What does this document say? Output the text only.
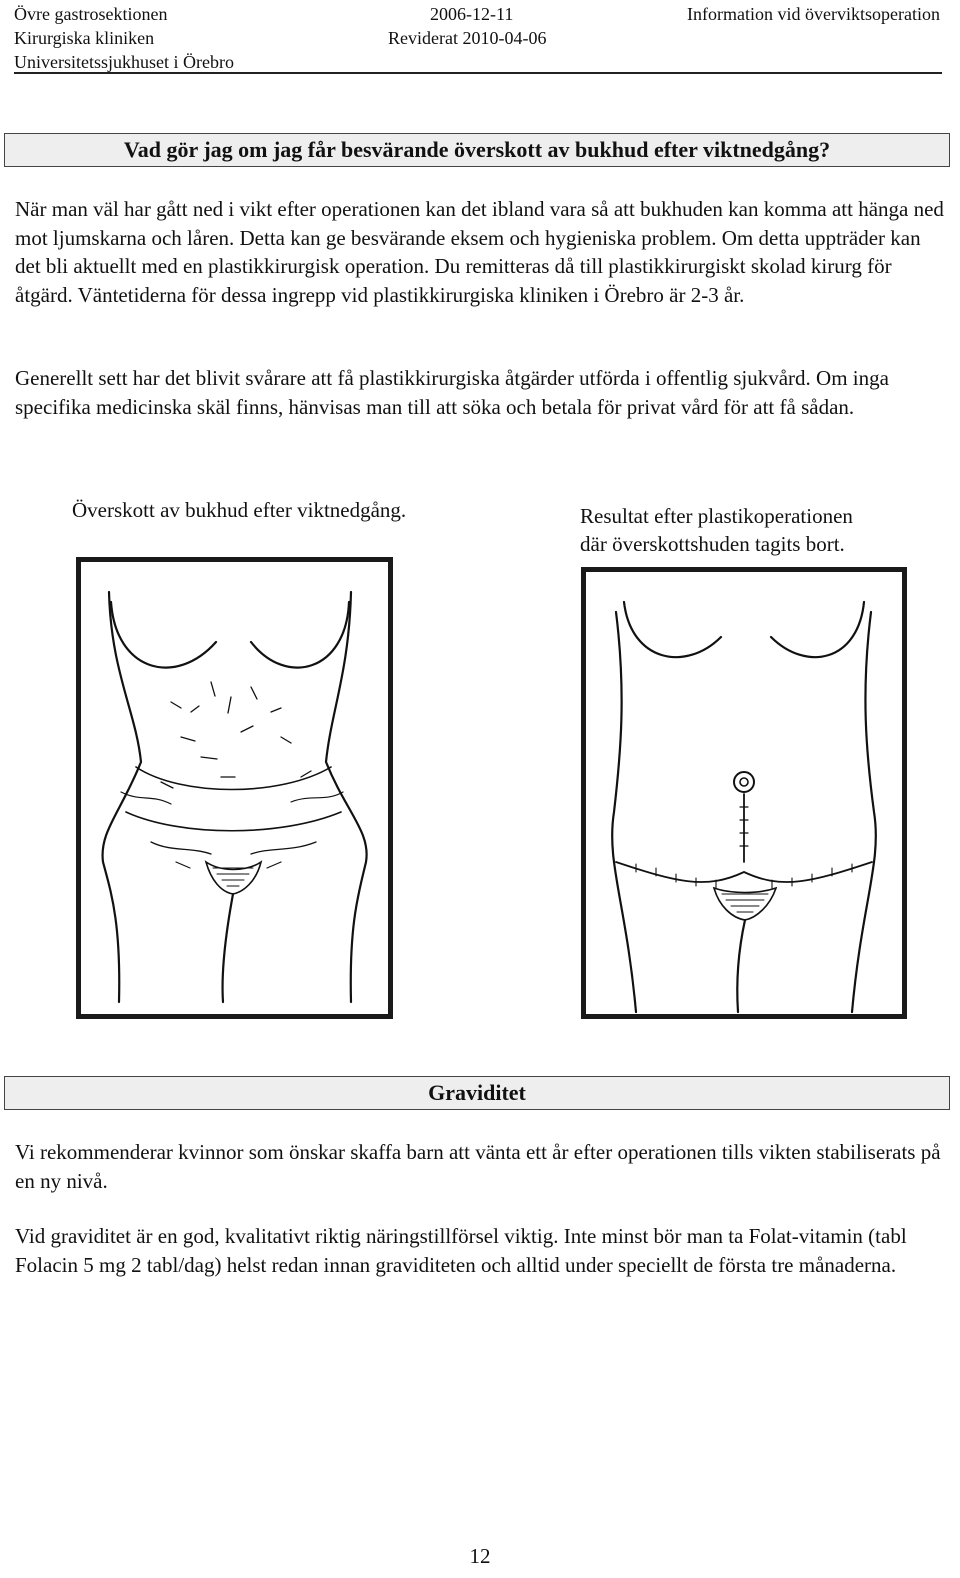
Övre gastrosektionen
Kirurgiska kliniken
Universitetssjukhuset i Örebro
2006-12-11
Reviderat 2010-04-06
Information vid överviktsoperation
Vad gör jag om jag får besvärande överskott av bukhud efter viktnedgång?

När man väl har gått ned i vikt efter operationen kan det ibland vara så att bukhuden kan komma att hänga ned mot ljumskarna och låren. Detta kan ge besvärande eksem och hygieniska problem. Om detta uppträder kan det bli aktuellt med en plastikkirurgisk operation. Du remitteras då till plastikkirurgiskt skolad kirurg för åtgärd. Väntetiderna för dessa ingrepp vid plastikkirurgiska kliniken i Örebro är 2-3 år.

Generellt sett har det blivit svårare att få plastikkirurgiska åtgärder utförda i offentlig sjukvård. Om inga specifika medicinska skäl finns, hänvisas man till att söka och betala för privat vård för att få sådan.

Överskott av bukhud efter viktnedgång.	Resultat efter plastikoperationen

där överskottshuden tagits bort.

Graviditet

Vi rekommenderar kvinnor som önskar skaffa barn att vänta ett år efter operationen tills vikten stabiliserats på en ny nivå.

Vid graviditet är en god, kvalitativt riktig näringstillförsel viktig. Inte minst bör man ta Folat-vitamin (tabl Folacin 5 mg 2 tabl/dag) helst redan innan graviditeten och alltid under speciellt de första tre månaderna.

12
